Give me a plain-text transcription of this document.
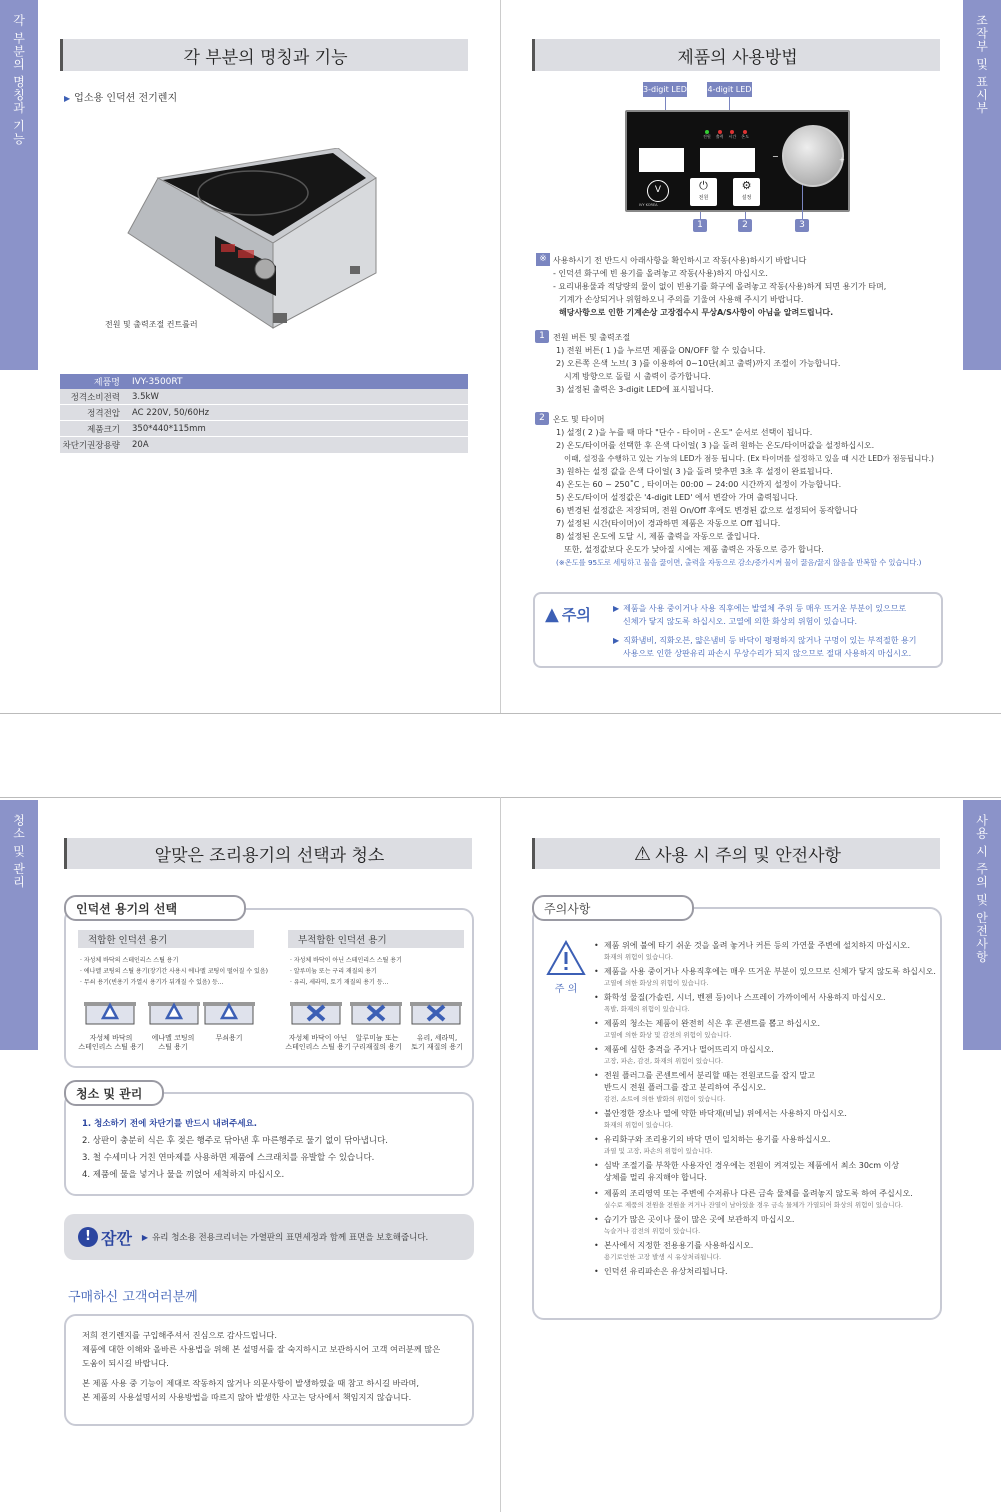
각 부분의 명칭과 기능	각 부분의 명칭과 기능
▶ 업소용 인덕션 전기렌지
전원 및 출력조절 컨트롤러
제품명	IVY-3500RT
정격소비전력	3.5kW
정격전압	AC 220V, 50/60Hz
제품크기	350*440*115mm
차단기권장용량	20A
조작부 및 표시부
제품의 사용방법
3-digit LED	4-digit LED
전원 출력 시간 온도
V
IVY KOREA
⏻
전원
⚙
설정
−	+
1	2	3
※ 사용하시기 전 반드시 아래사항을 확인하시고 작동(사용)하시기 바랍니다
- 인덕션 화구에 빈 용기를 올려놓고 작동(사용)하지 마십시오.
- 요리내용물과 적당량의 물이 없이 빈용기를 화구에 올려놓고 작동(사용)하게 되면 용기가 타며,
기계가 손상되거나 위험하오니 주의를 기울여 사용해 주시기 바랍니다.
해당사항으로 인한 기계손상 고장접수시 무상A/S사항이 아님을 알려드립니다.
1	전원 버튼 및 출력조절
1) 전원 버튼( 1 )을 누르면 제품을 ON/OFF 할 수 있습니다.
2) 오른쪽 은색 노브( 3 )를 이용하여 0~10단(최고 출력)까지 조절이 가능합니다.
시계 방향으로 돌릴 시 출력이 증가합니다.
3) 설정된 출력은 3-digit LED에 표시됩니다.
2	온도 및 타이머
1) 설정( 2 )을 누를 때 마다 "단수 - 타이머 - 온도" 순서로 선택이 됩니다.
2) 온도/타이머를 선택한 후 은색 다이얼( 3 )을 돌려 원하는 온도/타이머값을 설정하십시오.
이때, 설정을 수행하고 있는 기능의 LED가 점등 됩니다. (Ex 타이머를 설정하고 있을 때 시간 LED가 점등됩니다.)
3) 원하는 설정 값을 은색 다이얼( 3 )을 돌려 맞추면 3초 후 설정이 완료됩니다.
4) 온도는 60 ~ 250˚C , 타이머는 00:00 ~ 24:00 시간까지 설정이 가능합니다.
5) 온도/타이머 설정값은 '4-digit LED' 에서 변갈아 가며 출력됩니다.
6) 변경된 설정값은 저장되며, 전원 On/Off 후에도 변경된 값으로 설정되어 동작합니다
7) 설정된 시간(타이머)이 경과하면 제품은 자동으로 Off 됩니다.
8) 설정된 온도에 도달 시, 제품 출력을 자동으로 줄입니다.
또한, 설정값보다 온도가 낮아질 시에는 제품 출력은 자동으로 증가 합니다.
(※온도를 95도로 세팅하고 물을 끓이면, 출력을 자동으로 감소/증가시켜 물이 끓음/끓지 않음을 반복할 수 있습니다.)
▲ 주의	▶ 제품을 사용 중이거나 사용 직후에는 발열체 주위 등 매우 뜨거운 부분이 있으므로
신체가 닿지 않도록 하십시오. 고열에 의한 화상의 위험이 있습니다.
▶ 직화냄비, 직화오븐, 얇은냄비 등 바닥이 평평하지 않거나 구멍이 있는 부적절한 용기
사용으로 인한 상판유리 파손시 무상수리가 되지 않으므로 절대 사용하지 마십시오.
청소 및 관리	알맞은 조리용기의 선택과 청소
인덕션 용기의 선택
적합한 인덕션 용기
· 자성체 바닥의 스테인리스 스틸 용기
· 에나멜 코팅의 스틸 용기(장기간 사용시 에나멜 코팅이 떨어질 수 있음)
· 무쇠 용기(빈용기 가열시 용기가 뒤개질 수 있음) 등...
부적합한 인덕션 용기
· 자성체 바닥이 아닌 스테인리스 스틸 용기
· 알루미늄 또는 구리 재질의 용기
· 유리, 세라믹, 토기 재질의 용기 등...
자성체 바닥의
스테인리스 스틸 용기
에나멜 코팅의
스틸 용기
무쇠용기	자성체 바닥이 아닌
스테인리스 스틸 용기
알루미늄 또는
구리재질의 용기
유리, 세라믹,
토기 재질의 용기
청소 및 관리
1. 청소하기 전에 차단기를 반드시 내려주세요.
2. 상판이 충분히 식은 후 젖은 행주로 닦아낸 후 마른행주로 물기 없이 닦아냅니다.
3. 철 수세미나 거친 연마제를 사용하면 제품에 스크래치를 유발할 수 있습니다.
4. 제품에 물을 넣거나 물을 끼얹어 세척하지 마십시오.
! 잠깐 ▶ 유리 청소용 전용크리너는 가열판의 표면세정과 함께 표면을 보호해줍니다.
구매하신 고객여러분께
저희 전기렌지를 구입해주셔서 진심으로 감사드립니다.
제품에 대한 이해와 올바른 사용법을 위해 본 설명서를 잘 숙지하시고 보관하시어 고객 여러분께 많은
도움이 되시길 바랍니다.
본 제품 사용 중 기능이 제대로 작동하지 않거나 의문사항이 발생하였을 때 참고 하시길 바라며,
본 제품의 사용설명서의 사용방법을 따르지 않아 발생한 사고는 당사에서 책임지지 않습니다.
사용 시 주의 및 안전사항
⚠ 사용 시 주의 및 안전사항
주의사항
주 의
• 제품 위에 불에 타기 쉬운 것을 올려 놓거나 커튼 등의 가연물 주변에 설치하지 마십시오.
화재의 위험이 있습니다.
• 제품을 사용 중이거나 사용직후에는 매우 뜨거운 부분이 있으므로 신체가 닿지 않도록 하십시오.
고열에 의한 화상의 위험이 있습니다.
• 화학성 물질(가솔린, 시너, 벤젠 등)이나 스프레이 가까이에서 사용하지 마십시오.
폭발, 화재의 위험이 있습니다.
• 제품의 청소는 제품이 완전히 식은 후 콘센트를 뽑고 하십시오.
고열에 의한 화상 및 감전의 위험이 있습니다.
• 제품에 심한 충격을 주거나 떨어뜨리지 마십시오.
고장, 파손, 감전, 화재의 위험이 있습니다.
• 전원 플러그를 콘센트에서 분리할 때는 전원코드를 잡지 말고
반드시 전원 플러그를 잡고 분리하여 주십시오.
감전, 쇼트에 의한 발화의 위험이 있습니다.
• 불안정한 장소나 열에 약한 바닥재(비닐) 위에서는 사용하지 마십시오.
화재의 위험이 있습니다.
• 유리화구와 조리용기의 바닥 면이 일치하는 용기를 사용하십시오.
과열 및 고장, 파손의 위험이 있습니다.
• 심박 조절기를 부착한 사용자인 경우에는 전원이 켜져있는 제품에서 최소 30cm 이상
상체를 멀리 유지해야 합니다.
• 제품의 조리영역 또는 주변에 수저류나 다른 금속 물체를 올려놓지 않도록 하여 주십시오.
실수로 제품의 전원을 전원을 켜거나 잔열이 남아있을 경우 금속 물체가 가열되어 화상의 위험이 있습니다.
• 습기가 많은 곳이나 물이 많은 곳에 보관하지 마십시오.
녹슬거나 감전의 위험이 있습니다.
• 본사에서 지정한 전용용기를 사용하십시오.
용기로인한 고장 발생 시 유상처리됩니다.
• 인덕션 유리파손은 유상처리됩니다.
